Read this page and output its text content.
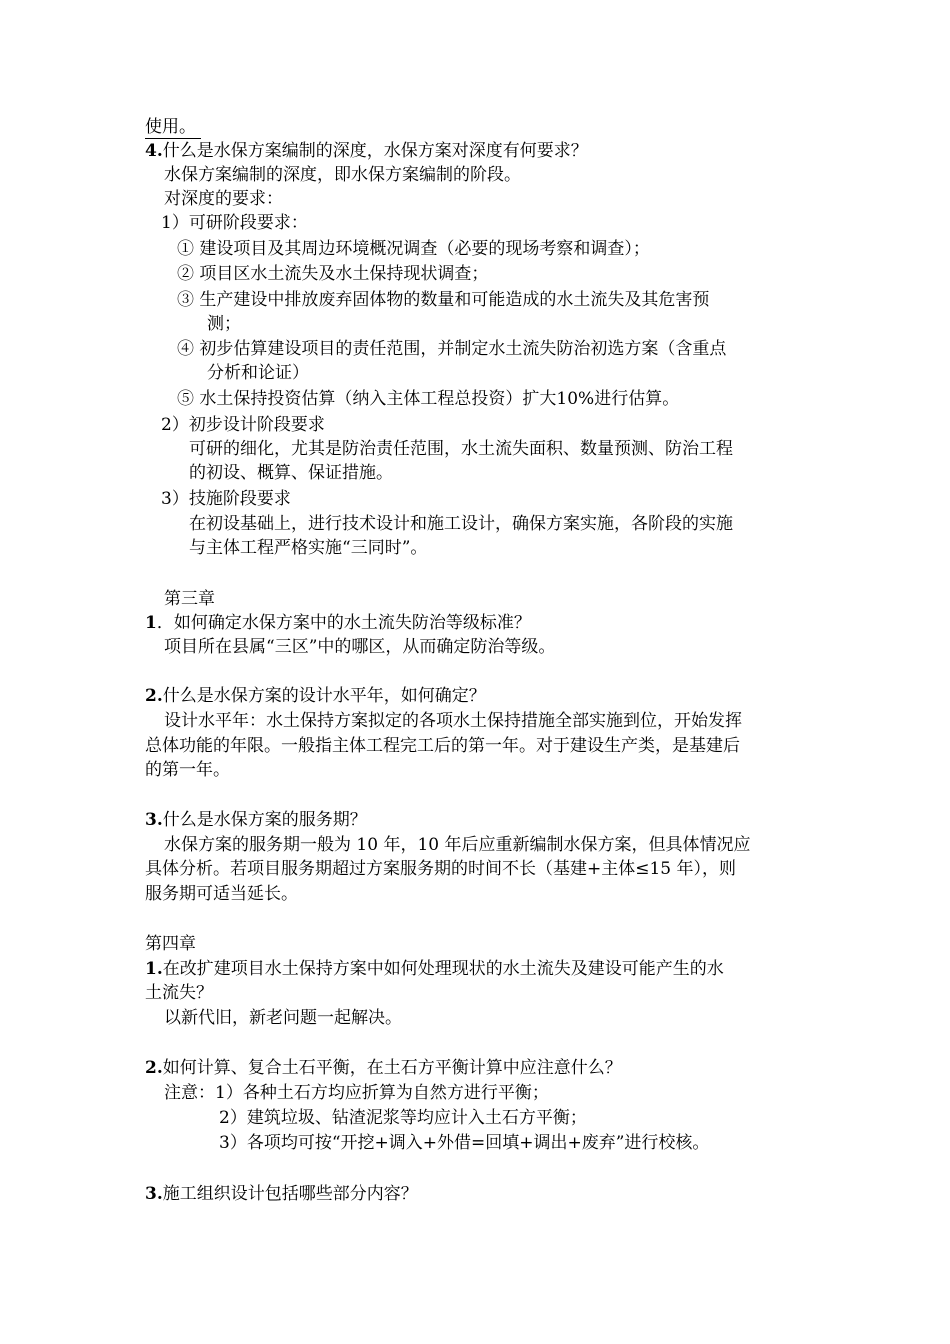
使用。
4.什么是水保方案编制的深度，水保方案对深度有何要求？
水保方案编制的深度，即水保方案编制的阶段。
对深度的要求：
1）可研阶段要求：
① 建设项目及其周边环境概况调查（必要的现场考察和调查）；
② 项目区水土流失及水土保持现状调查；
③ 生产建设中排放废弃固体物的数量和可能造成的水土流失及其危害预
测；
④ 初步估算建设项目的责任范围，并制定水土流失防治初选方案（含重点
分析和论证）
⑤ 水土保持投资估算（纳入主体工程总投资）扩大10%进行估算。
2）初步设计阶段要求
可研的细化，尤其是防治责任范围，水土流失面积、数量预测、防治工程
的初设、概算、保证措施。
3）技施阶段要求
在初设基础上，进行技术设计和施工设计，确保方案实施，各阶段的实施
与主体工程严格实施“三同时”。
第三章
1．如何确定水保方案中的水土流失防治等级标准？
项目所在县属“三区”中的哪区，从而确定防治等级。
2.什么是水保方案的设计水平年，如何确定？
设计水平年：水土保持方案拟定的各项水土保持措施全部实施到位，开始发挥
总体功能的年限。一般指主体工程完工后的第一年。对于建设生产类，是基建后
的第一年。
3.什么是水保方案的服务期？
水保方案的服务期一般为 10 年，10 年后应重新编制水保方案，但具体情况应
具体分析。若项目服务期超过方案服务期的时间不长（基建+主体≤15 年），则
服务期可适当延长。
第四章
1.在改扩建项目水土保持方案中如何处理现状的水土流失及建设可能产生的水
土流失？
以新代旧，新老问题一起解决。
2.如何计算、复合土石平衡，在土石方平衡计算中应注意什么？
注意：1）各种土石方均应折算为自然方进行平衡；
2）建筑垃圾、钻渣泥浆等均应计入土石方平衡；
3）各项均可按“开挖+调入+外借=回填+调出+废弃”进行校核。
3.施工组织设计包括哪些部分内容？
